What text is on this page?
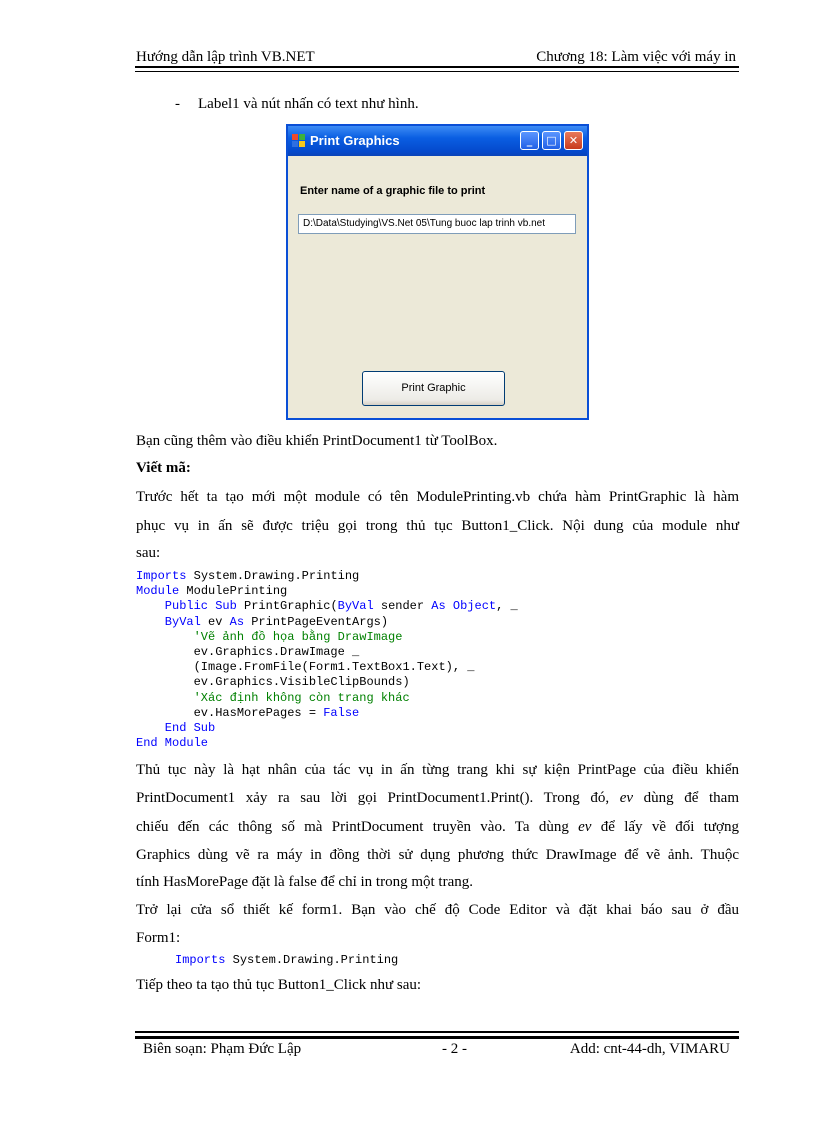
Hướng dẫn lập trình VB.NET	Chương 18: Làm việc với máy in
- Label1 và nút nhấn có text như hình.
Print Graphics	_	□	✕
Enter name of a graphic file to print
D:\Data\Studying\VS.Net 05\Tung buoc lap trinh vb.net
Print Graphic
Bạn cũng thêm vào điều khiển PrintDocument1 từ ToolBox.
Viết mã:
Trước hết ta tạo mới một module có tên ModulePrinting.vb chứa hàm PrintGraphic là hàm
phục vụ in ấn sẽ được triệu gọi trong thủ tục Button1_Click. Nội dung của module như
sau:
Imports System.Drawing.Printing
Module ModulePrinting
Public Sub PrintGraphic(ByVal sender As Object, _
ByVal ev As PrintPageEventArgs)
'Vẽ ảnh đồ họa bằng DrawImage
ev.Graphics.DrawImage _
(Image.FromFile(Form1.TextBox1.Text), _
ev.Graphics.VisibleClipBounds)
'Xác định không còn trang khác
ev.HasMorePages = False
End Sub
End Module
Thủ tục này là hạt nhân của tác vụ in ấn từng trang khi sự kiện PrintPage của điều khiển
PrintDocument1 xảy ra sau lời gọi PrintDocument1.Print(). Trong đó, ev dùng để tham
chiếu đến các thông số mà PrintDocument truyền vào. Ta dùng ev để lấy về đối tượng
Graphics dùng vẽ ra máy in đồng thời sử dụng phương thức DrawImage để vẽ ảnh. Thuộc
tính HasMorePage đặt là false để chỉ in trong một trang.
Trở lại cửa sổ thiết kế form1. Bạn vào chế độ Code Editor và đặt khai báo sau ở đầu
Form1:
Imports System.Drawing.Printing
Tiếp theo ta tạo thủ tục Button1_Click như sau:
Biên soạn: Phạm Đức Lập	- 2 -	Add: cnt-44-dh, VIMARU
